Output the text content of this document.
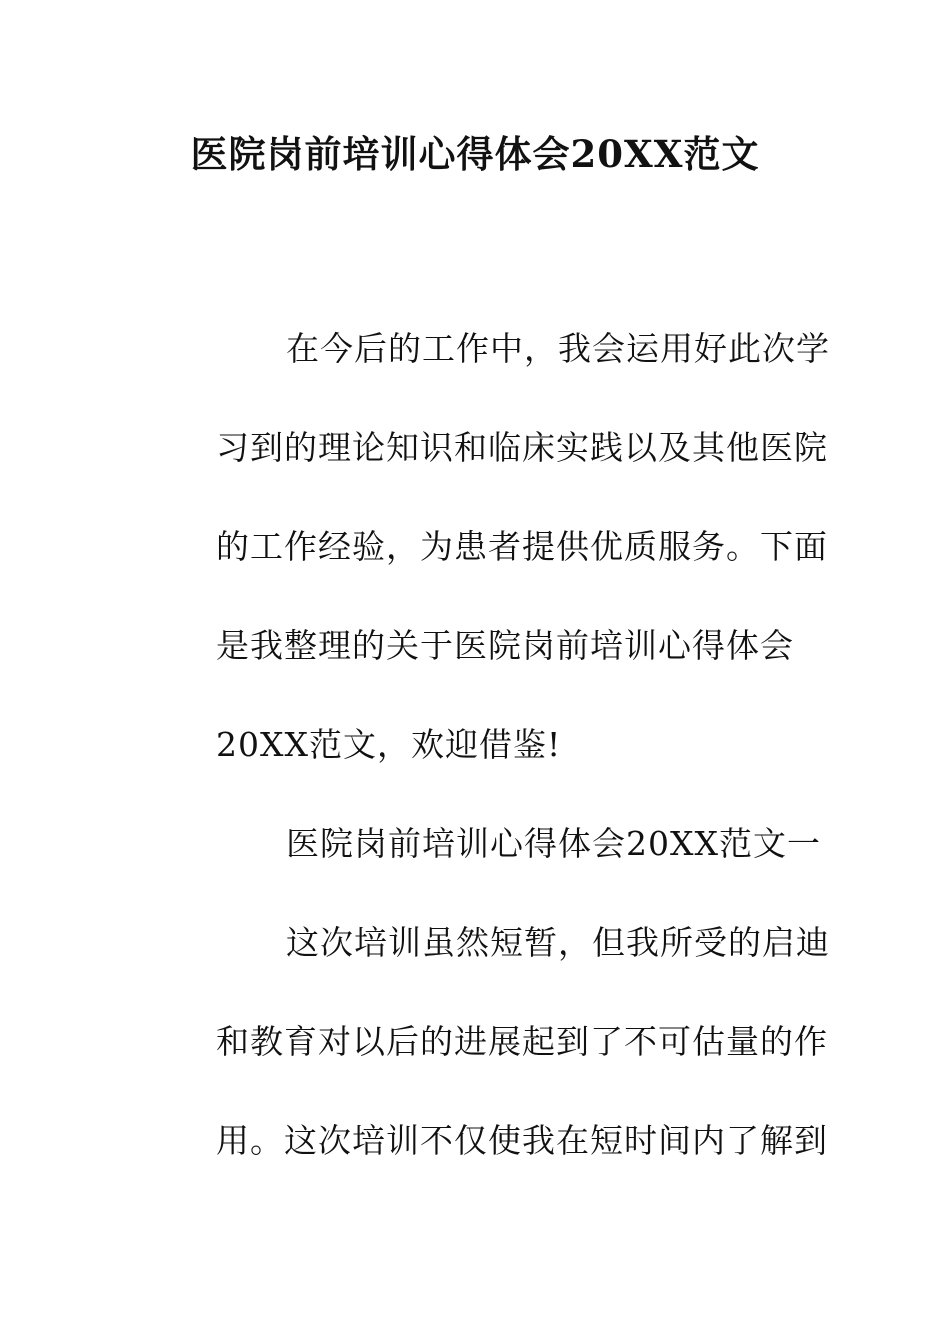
医院岗前培训心得体会20XX范文
在今后的工作中，我会运用好此次学
习到的理论知识和临床实践以及其他医院
的工作经验，为患者提供优质服务。下面
是我整理的关于医院岗前培训心得体会
20XX范文，欢迎借鉴!
医院岗前培训心得体会20XX范文一
这次培训虽然短暂，但我所受的启迪
和教育对以后的进展起到了不可估量的作
用。这次培训不仅使我在短时间内了解到
